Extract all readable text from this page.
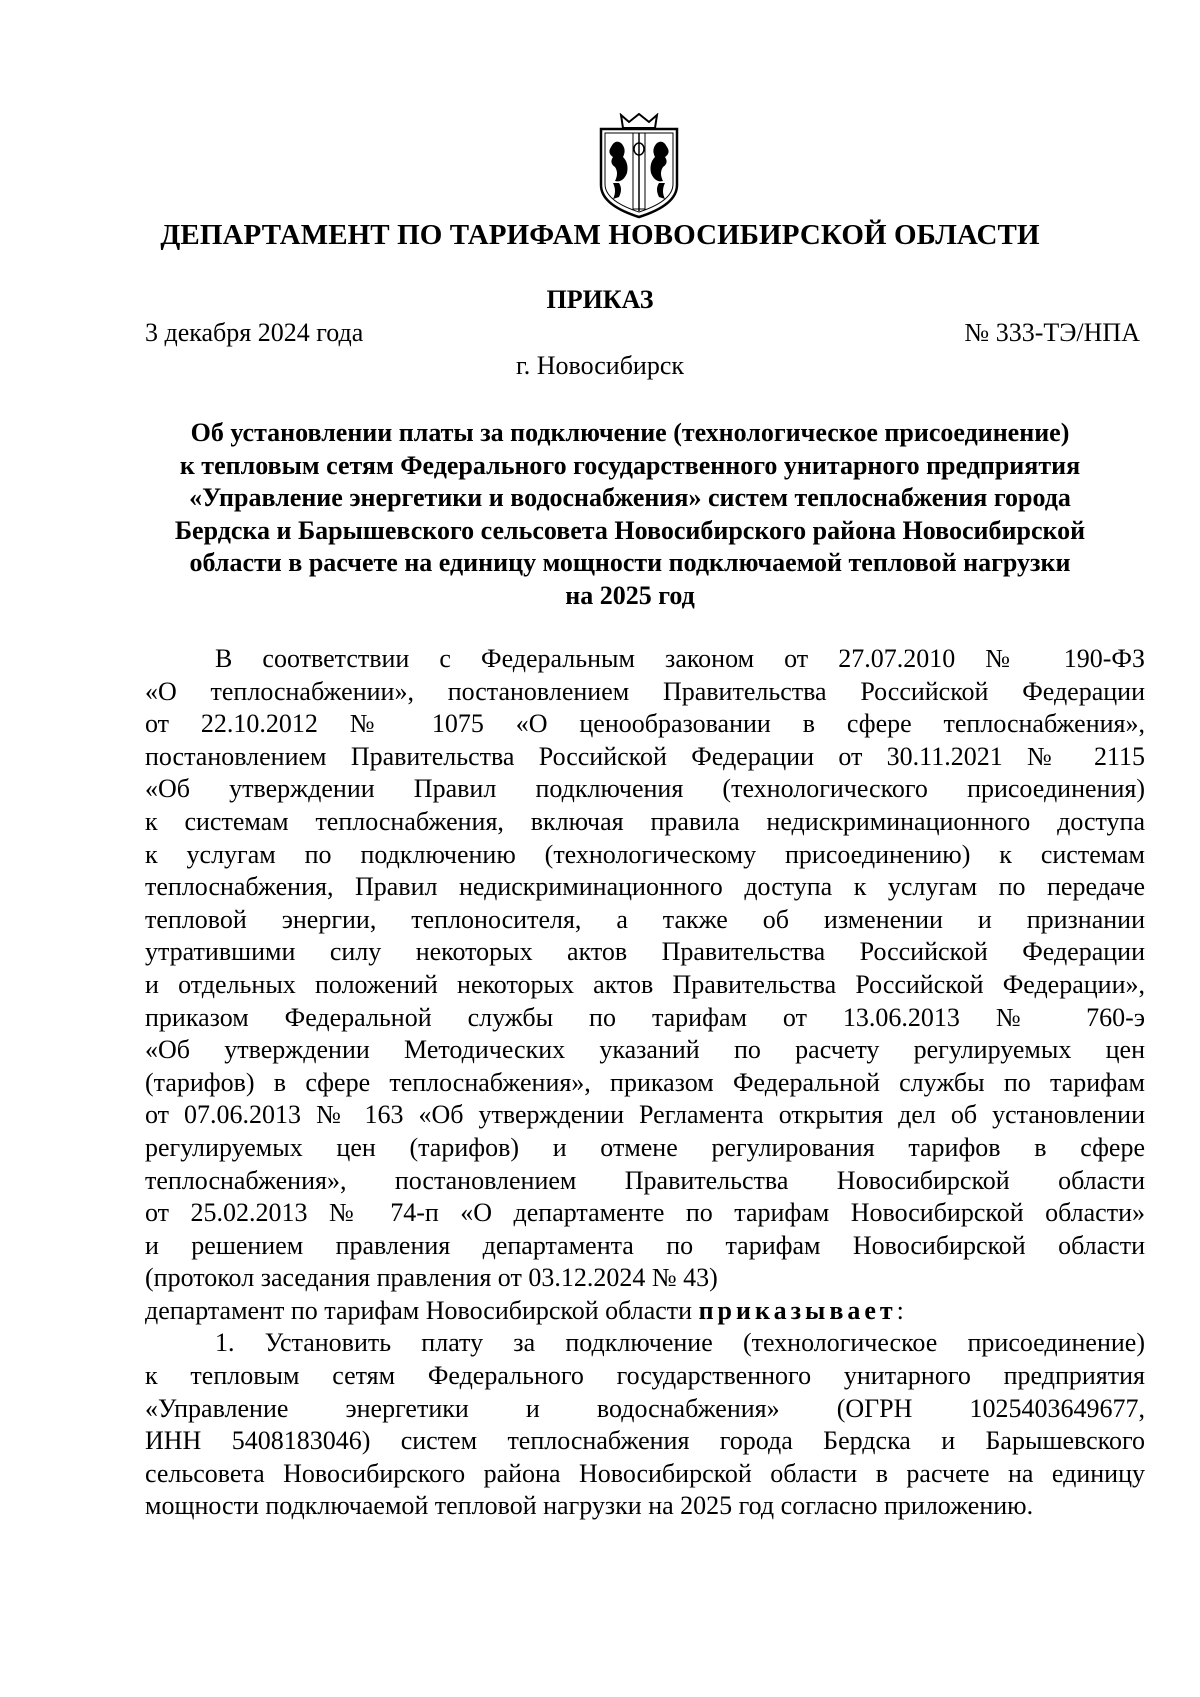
ДЕПАРТАМЕНТ ПО ТАРИФАМ НОВОСИБИРСКОЙ ОБЛАСТИ
ПРИКАЗ
3 декабря 2024 года	№ 333-ТЭ/НПА
г. Новосибирск
Об установлении платы за подключение (технологическое присоединение)
к тепловым сетям Федерального государственного унитарного предприятия
«Управление энергетики и водоснабжения» систем теплоснабжения города
Бердска и Барышевского сельсовета Новосибирского района Новосибирской
области в расчете на единицу мощности подключаемой тепловой нагрузки
на 2025 год
В соответствии с Федеральным законом от 27.07.2010 № 190-ФЗ
«О теплоснабжении», постановлением Правительства Российской Федерации
от 22.10.2012 № 1075 «О ценообразовании в сфере теплоснабжения»,
постановлением Правительства Российской Федерации от 30.11.2021 № 2115
«Об утверждении Правил подключения (технологического присоединения)
к системам теплоснабжения, включая правила недискриминационного доступа
к услугам по подключению (технологическому присоединению) к системам
теплоснабжения, Правил недискриминационного доступа к услугам по передаче
тепловой энергии, теплоносителя, а также об изменении и признании
утратившими силу некоторых актов Правительства Российской Федерации
и отдельных положений некоторых актов Правительства Российской Федерации»,
приказом Федеральной службы по тарифам от 13.06.2013 № 760-э
«Об утверждении Методических указаний по расчету регулируемых цен
(тарифов) в сфере теплоснабжения», приказом Федеральной службы по тарифам
от 07.06.2013 № 163 «Об утверждении Регламента открытия дел об установлении
регулируемых цен (тарифов) и отмене регулирования тарифов в сфере
теплоснабжения», постановлением Правительства Новосибирской области
от 25.02.2013 № 74-п «О департаменте по тарифам Новосибирской области»
и решением правления департамента по тарифам Новосибирской области
(протокол заседания правления от 03.12.2024 № 43)
департамент по тарифам Новосибирской области приказывает:
1. Установить плату за подключение (технологическое присоединение)
к тепловым сетям Федерального государственного унитарного предприятия
«Управление энергетики и водоснабжения» (ОГРН 1025403649677,
ИНН 5408183046) систем теплоснабжения города Бердска и Барышевского
сельсовета Новосибирского района Новосибирской области в расчете на единицу
мощности подключаемой тепловой нагрузки на 2025 год согласно приложению.
